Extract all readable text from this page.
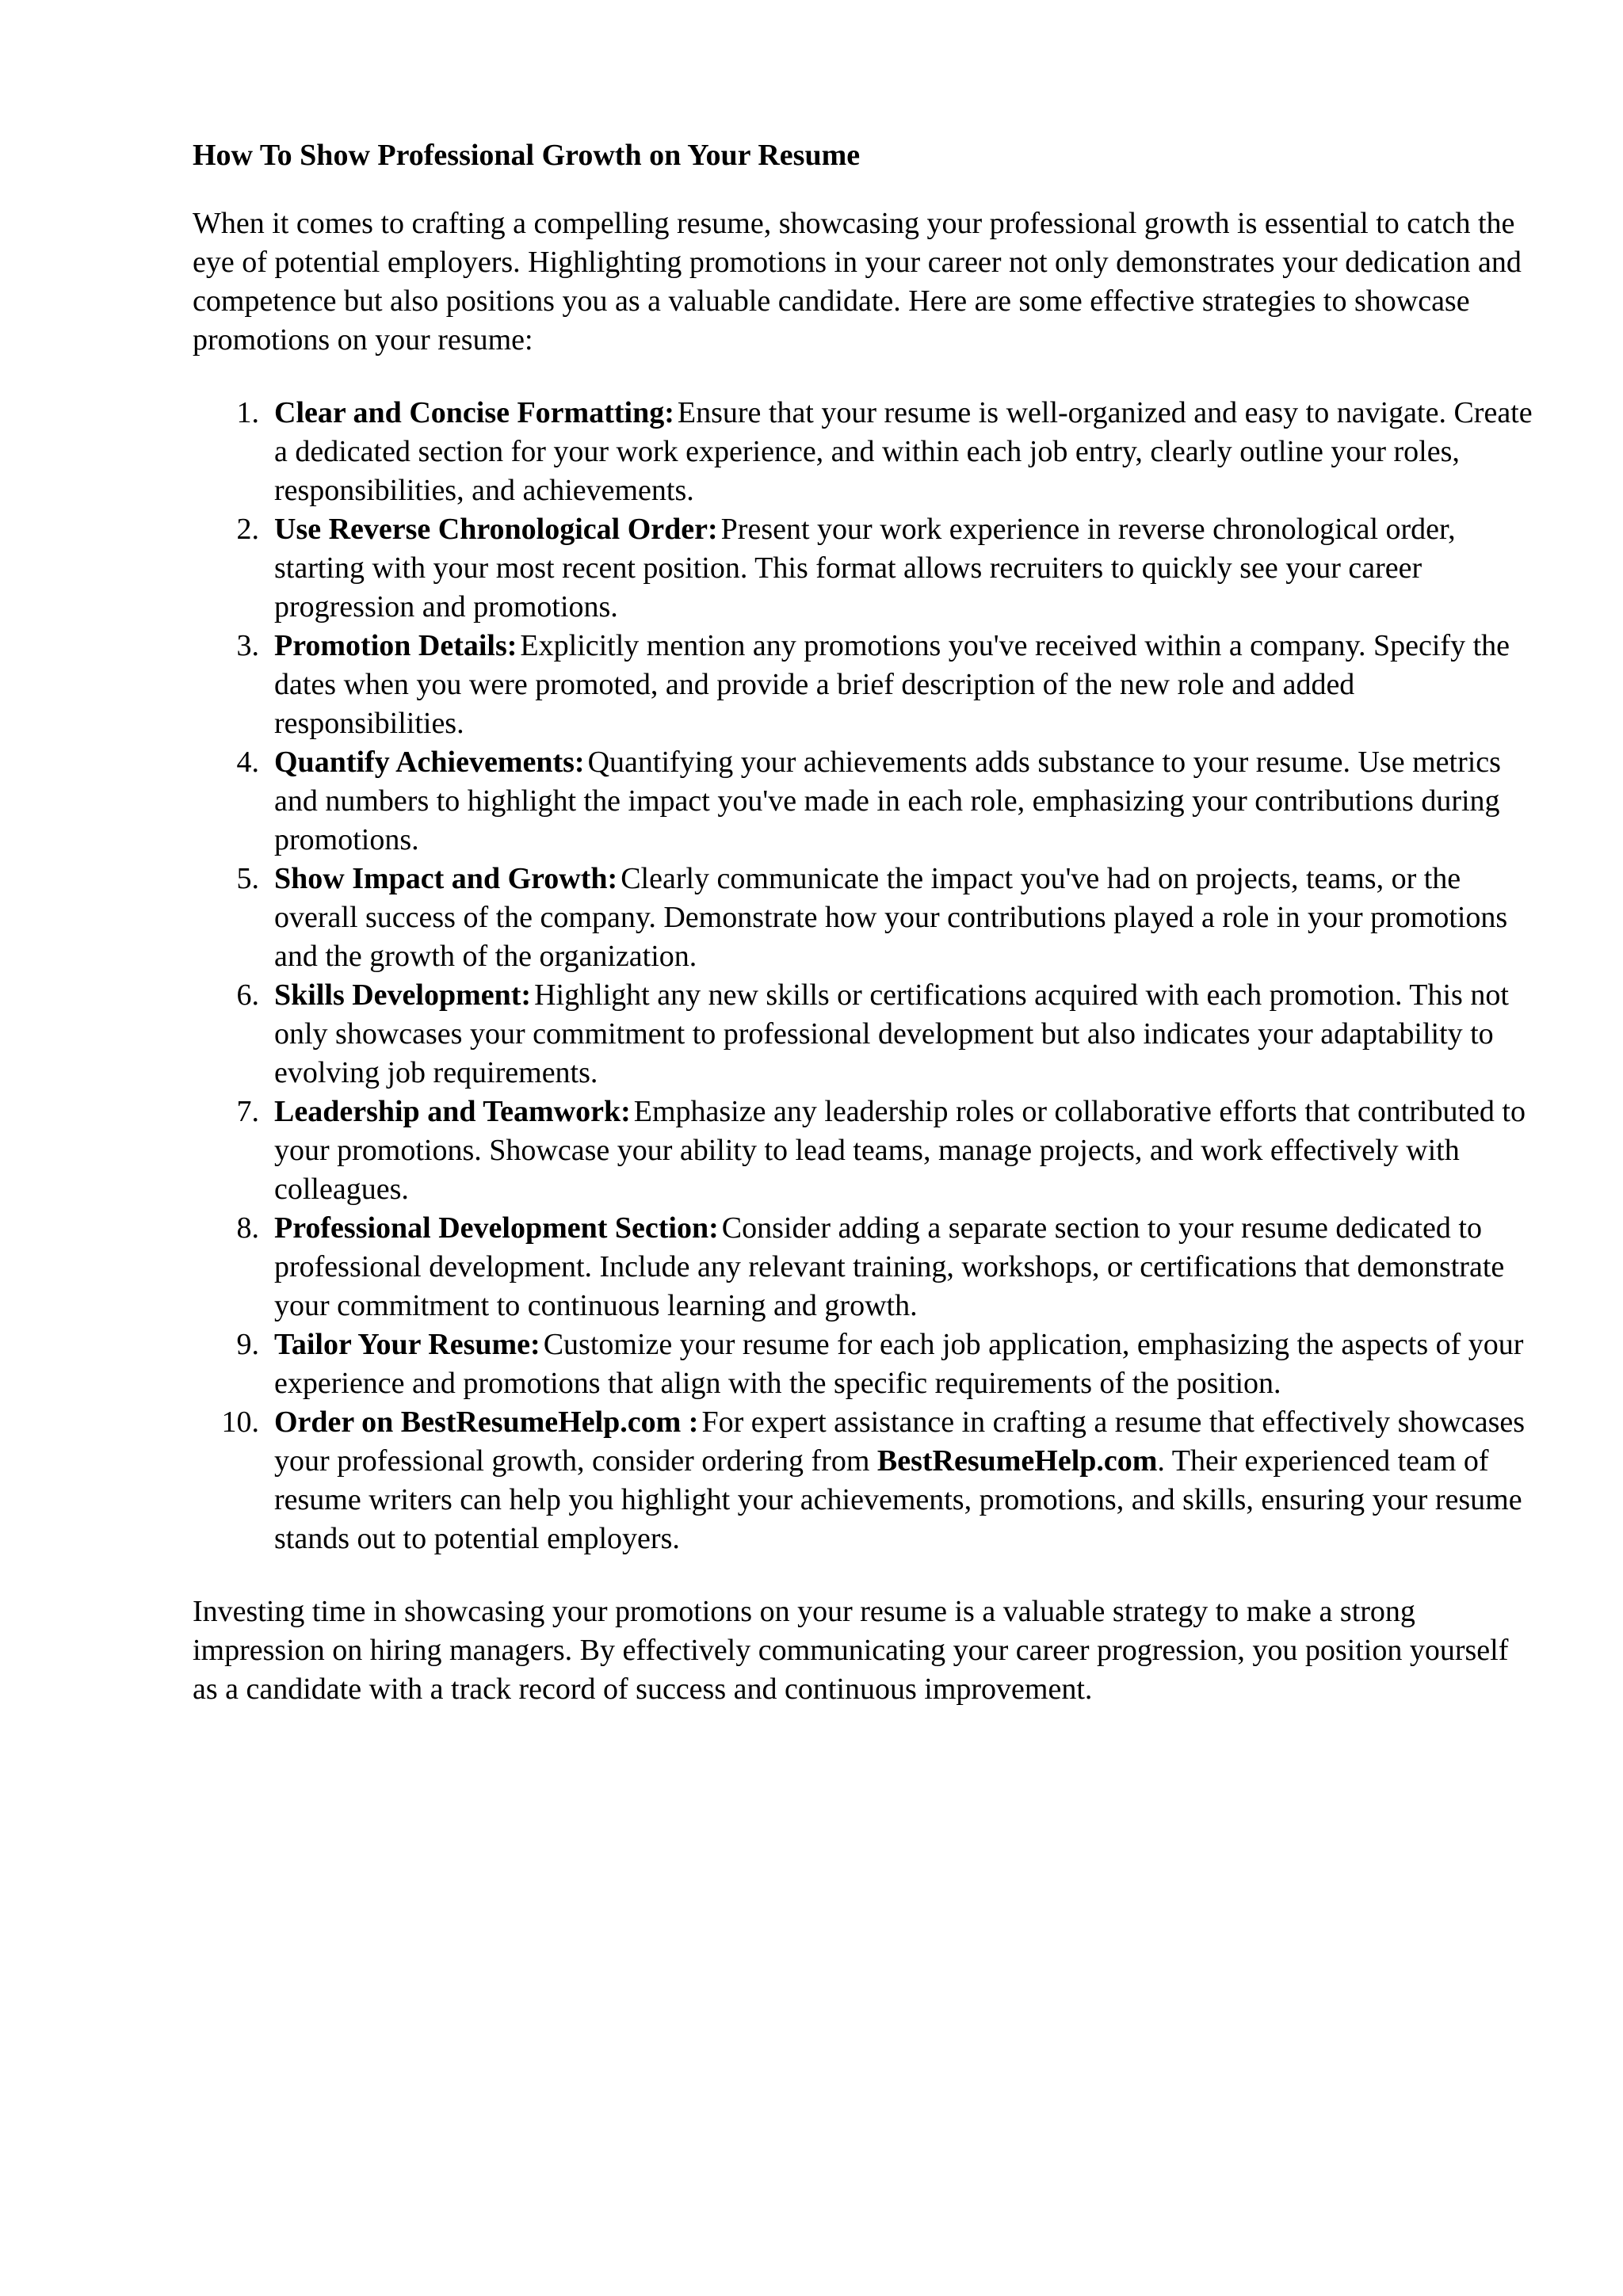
How To Show Professional Growth on Your Resume

When it comes to crafting a compelling resume, showcasing your professional growth is essential to catch the eye of potential employers. Highlighting promotions in your career not only demonstrates your dedication and competence but also positions you as a valuable candidate. Here are some effective strategies to showcase promotions on your resume:

1. Clear and Concise Formatting: Ensure that your resume is well-organized and easy to navigate. Create a dedicated section for your work experience, and within each job entry, clearly outline your roles, responsibilities, and achievements.
2. Use Reverse Chronological Order: Present your work experience in reverse chronological order, starting with your most recent position. This format allows recruiters to quickly see your career progression and promotions.
3. Promotion Details: Explicitly mention any promotions you've received within a company. Specify the dates when you were promoted, and provide a brief description of the new role and added responsibilities.
4. Quantify Achievements: Quantifying your achievements adds substance to your resume. Use metrics and numbers to highlight the impact you've made in each role, emphasizing your contributions during promotions.
5. Show Impact and Growth: Clearly communicate the impact you've had on projects, teams, or the overall success of the company. Demonstrate how your contributions played a role in your promotions and the growth of the organization.
6. Skills Development: Highlight any new skills or certifications acquired with each promotion. This not only showcases your commitment to professional development but also indicates your adaptability to evolving job requirements.
7. Leadership and Teamwork: Emphasize any leadership roles or collaborative efforts that contributed to your promotions. Showcase your ability to lead teams, manage projects, and work effectively with colleagues.
8. Professional Development Section: Consider adding a separate section to your resume dedicated to professional development. Include any relevant training, workshops, or certifications that demonstrate your commitment to continuous learning and growth.
9. Tailor Your Resume: Customize your resume for each job application, emphasizing the aspects of your experience and promotions that align with the specific requirements of the position.
10. Order on BestResumeHelp.com : For expert assistance in crafting a resume that effectively showcases your professional growth, consider ordering from BestResumeHelp.com. Their experienced team of resume writers can help you highlight your achievements, promotions, and skills, ensuring your resume stands out to potential employers.

Investing time in showcasing your promotions on your resume is a valuable strategy to make a strong impression on hiring managers. By effectively communicating your career progression, you position yourself as a candidate with a track record of success and continuous improvement.
